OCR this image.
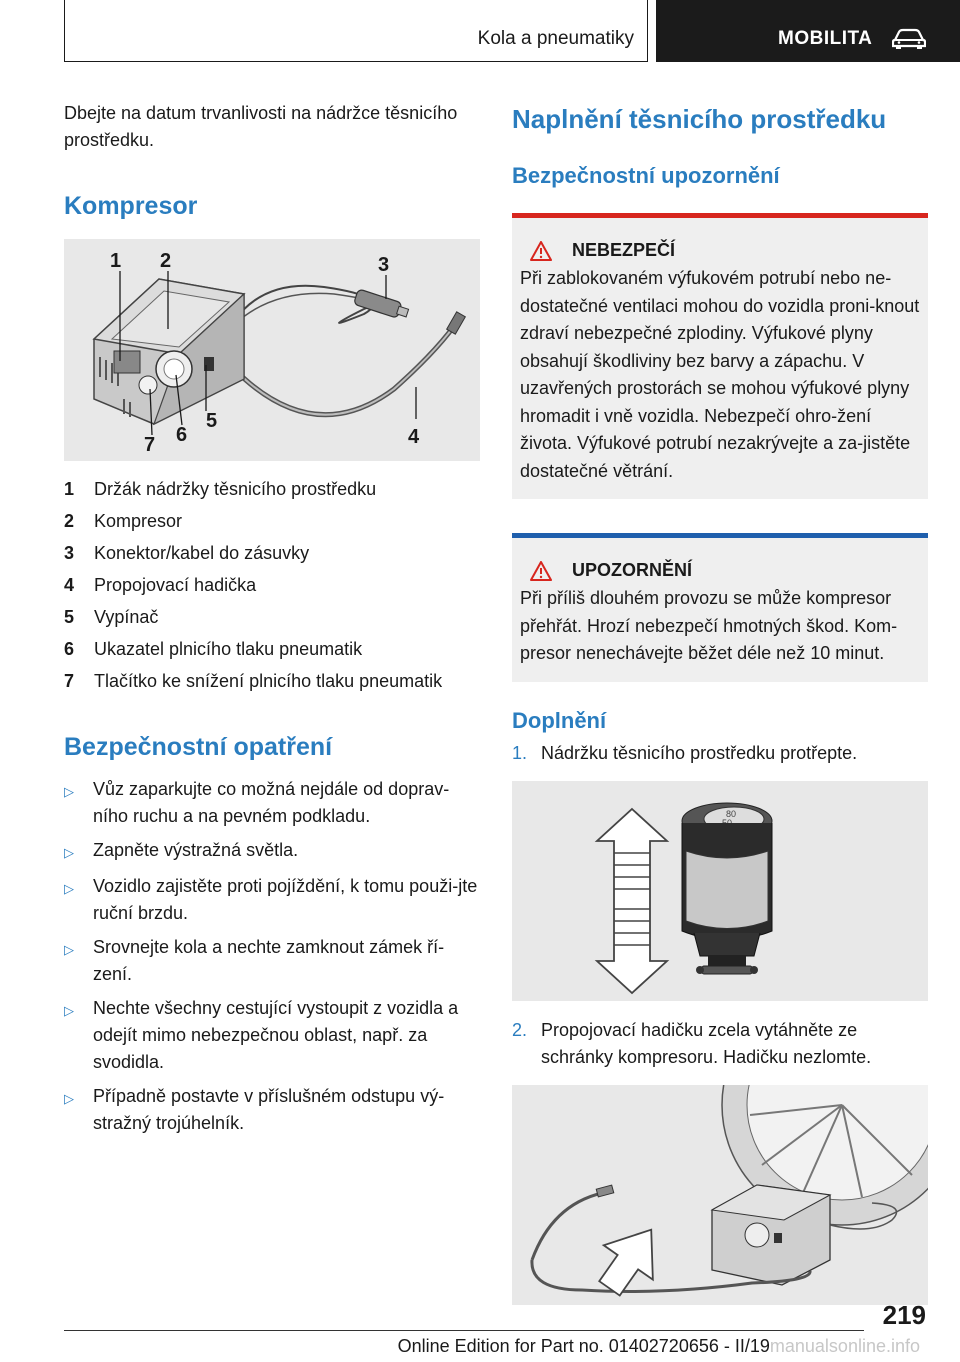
Kola a pneumatiky	MOBILITA

Dbejte na datum trvanlivosti na nádržce těsnicího prostředku.

Kompresor
1 2	3
4
5
6
7
1	Držák nádržky těsnicího prostředku
2	Kompresor
3	Konektor/kabel do zásuvky
4	Propojovací hadička
5	Vypínač
6	Ukazatel plnicího tlaku pneumatik
7	Tlačítko ke snížení plnicího tlaku pneumatik
Bezpečnostní opatření
▷	Vůz zaparkujte co možná nejdále od doprav‐ního ruchu a na pevném podkladu.
▷	Zapněte výstražná světla.
▷	Vozidlo zajistěte proti pojíždění, k tomu použi‐jte ruční brzdu.
▷	Srovnejte kola a nechte zamknout zámek ří‐zení.
▷	Nechte všechny cestující vystoupit z vozidla a odejít mimo nebezpečnou oblast, např. za svodidla.
▷	Případně postavte v příslušném odstupu vý‐stražný trojúhelník.
Naplnění těsnicího prostředku
Bezpečnostní upozornění
NEBEZPEČÍ
Při zablokovaném výfukovém potrubí nebo ne‐dostatečné ventilaci mohou do vozidla proni‐knout zdraví nebezpečné zplodiny. Výfukové plyny obsahují škodliviny bez barvy a zápachu. V uzavřených prostorách se mohou výfukové plyny hromadit i vně vozidla. Nebezpečí ohro‐žení života. Výfukové potrubí nezakrývejte a za‐jistěte dostatečné větrání.
UPOZORNĚNÍ
Při příliš dlouhém provozu se může kompresor přehřát. Hrozí nebezpečí hmotných škod. Kom‐presor nenechávejte běžet déle než 10 minut.
Doplnění
1. Nádržku těsnicího prostředku protřepte.
80
2. Propojovací hadičku zcela vytáhněte ze schránky kompresoru. Hadičku nezlomte.
219
Online Edition for Part no. 01402720656 - II/19manualsonline.info
